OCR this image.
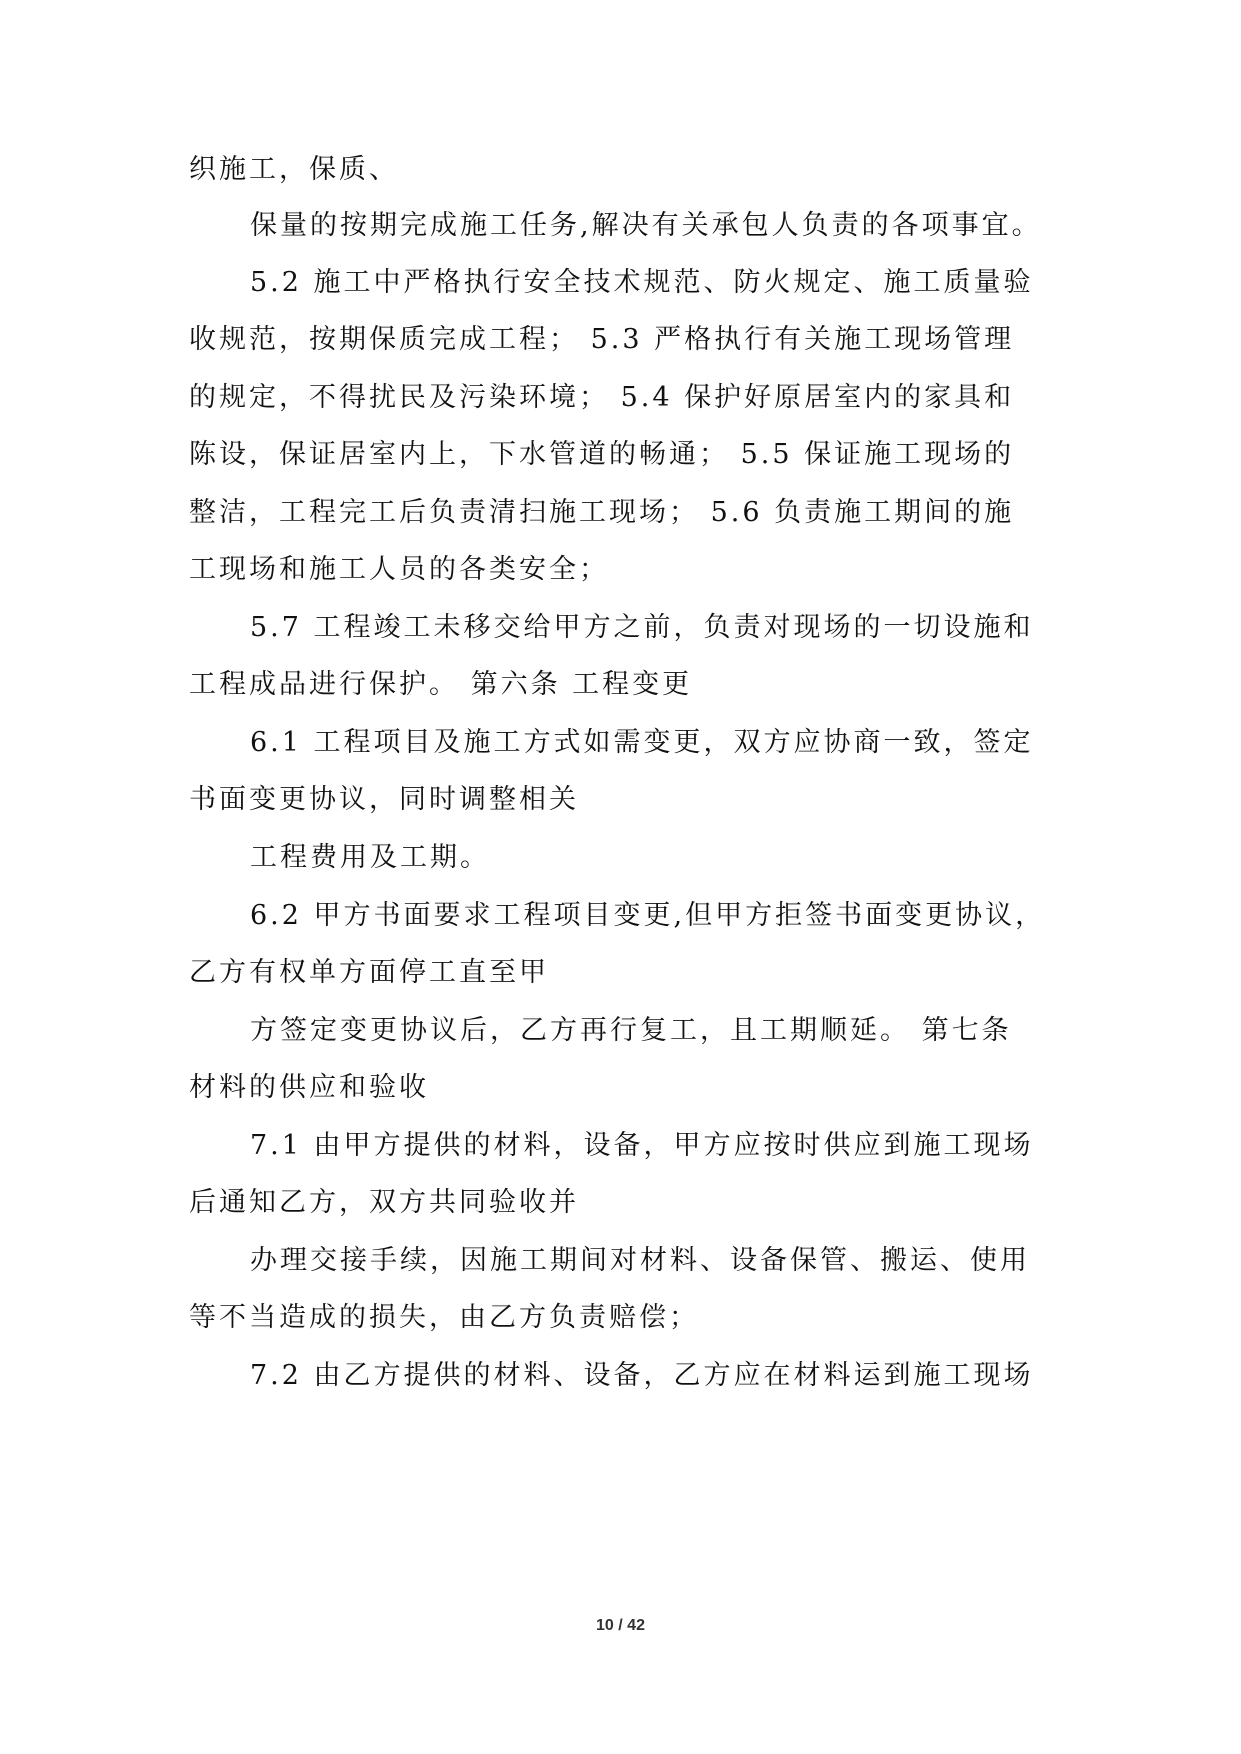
织施工，保质、
保量的按期完成施工任务,解决有关承包人负责的各项事宜。
5.2 施工中严格执行安全技术规范、防火规定、施工质量验
收规范，按期保质完成工程； 5.3 严格执行有关施工现场管理
的规定，不得扰民及污染环境； 5.4 保护好原居室内的家具和
陈设，保证居室内上，下水管道的畅通； 5.5 保证施工现场的
整洁，工程完工后负责清扫施工现场； 5.6 负责施工期间的施
工现场和施工人员的各类安全；
5.7 工程竣工未移交给甲方之前，负责对现场的一切设施和
工程成品进行保护。 第六条 工程变更
6.1 工程项目及施工方式如需变更，双方应协商一致，签定
书面变更协议，同时调整相关
工程费用及工期。
6.2 甲方书面要求工程项目变更,但甲方拒签书面变更协议，
乙方有权单方面停工直至甲
方签定变更协议后，乙方再行复工，且工期顺延。 第七条
材料的供应和验收
7.1 由甲方提供的材料，设备，甲方应按时供应到施工现场
后通知乙方，双方共同验收并
办理交接手续，因施工期间对材料、设备保管、搬运、使用
等不当造成的损失，由乙方负责赔偿；
7.2 由乙方提供的材料、设备，乙方应在材料运到施工现场
10 / 42
